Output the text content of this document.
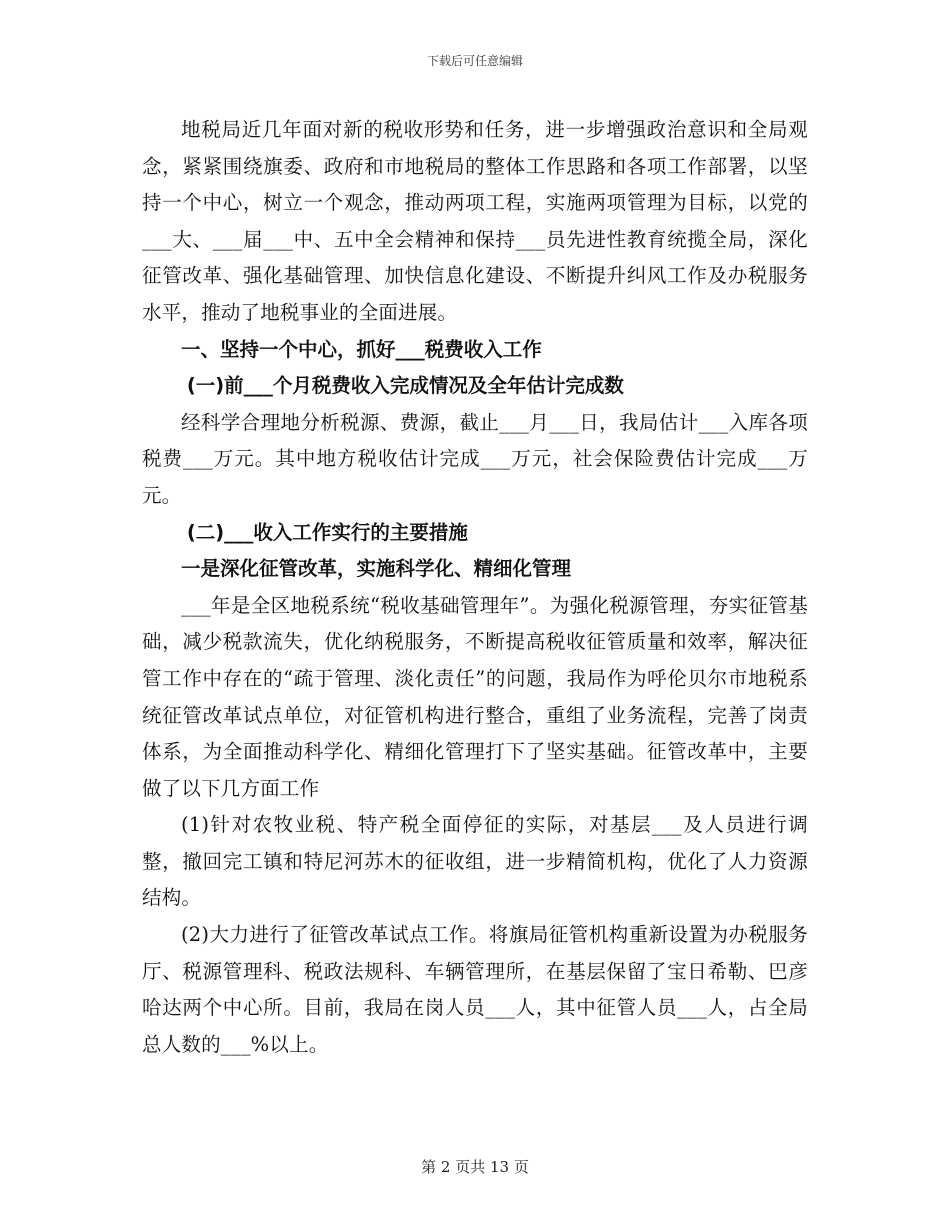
下载后可任意编辑

地税局近几年面对新的税收形势和任务，进一步增强政治意识和全局观念，紧紧围绕旗委、政府和市地税局的整体工作思路和各项工作部署，以坚持一个中心，树立一个观念，推动两项工程，实施两项管理为目标，以党的___大、___届___中、五中全会精神和保持___员先进性教育统揽全局，深化征管改革、强化基础管理、加快信息化建设、不断提升纠风工作及办税服务水平，推动了地税事业的全面进展。

一、坚持一个中心，抓好___税费收入工作

(一)前___个月税费收入完成情况及全年估计完成数

经科学合理地分析税源、费源，截止___月___日，我局估计___入库各项税费___万元。其中地方税收估计完成___万元，社会保险费估计完成___万元。

(二)___收入工作实行的主要措施

一是深化征管改革，实施科学化、精细化管理

___年是全区地税系统“税收基础管理年”。为强化税源管理，夯实征管基础，减少税款流失，优化纳税服务，不断提高税收征管质量和效率，解决征管工作中存在的“疏于管理、淡化责任”的问题，我局作为呼伦贝尔市地税系统征管改革试点单位，对征管机构进行整合，重组了业务流程，完善了岗责体系，为全面推动科学化、精细化管理打下了坚实基础。征管改革中，主要做了以下几方面工作

(1)针对农牧业税、特产税全面停征的实际，对基层___及人员进行调整，撤回完工镇和特尼河苏木的征收组，进一步精简机构，优化了人力资源结构。

(2)大力进行了征管改革试点工作。将旗局征管机构重新设置为办税服务厅、税源管理科、税政法规科、车辆管理所，在基层保留了宝日希勒、巴彦哈达两个中心所。目前，我局在岗人员___人，其中征管人员___人，占全局总人数的___%以上。

第 2 页共 13 页
